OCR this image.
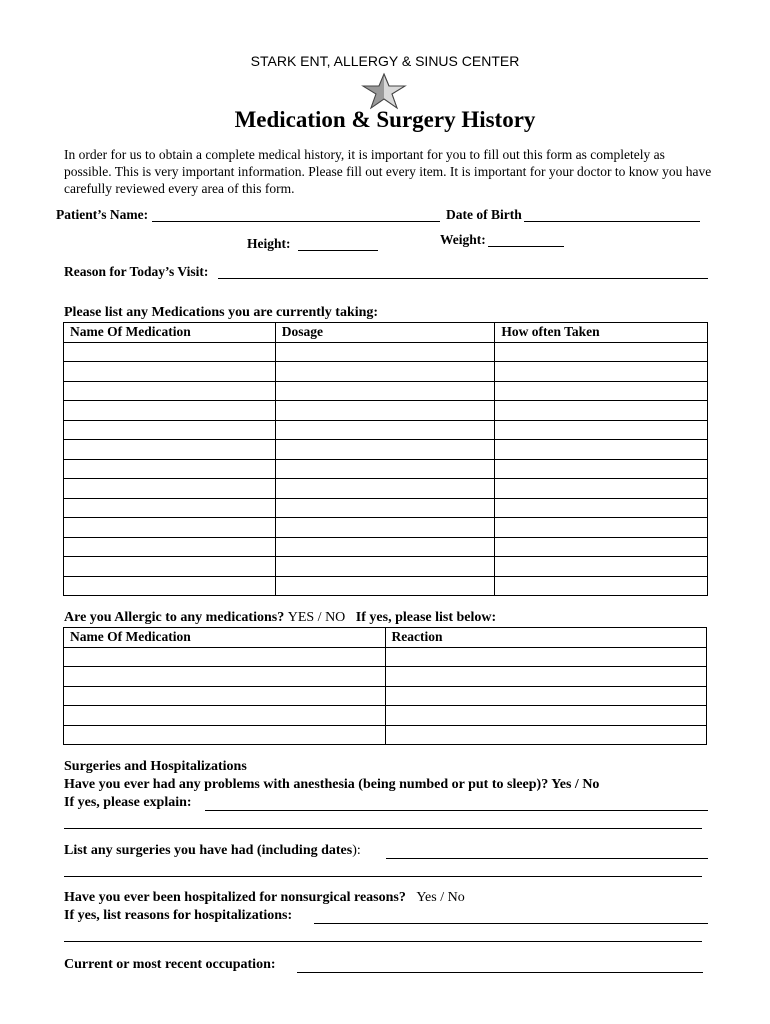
STARK ENT, ALLERGY & SINUS CENTER
Medication & Surgery History
In order for us to obtain a complete medical history, it is important for you to fill out this form as completely as possible. This is very important information. Please fill out every item. It is important for your doctor to know you have carefully reviewed every area of this form.
Patient’s Name:	Date of Birth
Height:	Weight:
Reason for Today’s Visit:
Please list any Medications you are currently taking:
Name Of Medication	Dosage	How often Taken

Are you Allergic to any medications? YES / NO If yes, please list below:
Name Of Medication	Reaction

Surgeries and Hospitalizations
Have you ever had any problems with anesthesia (being numbed or put to sleep)? Yes / No
If yes, please explain:
List any surgeries you have had (including dates):
Have you ever been hospitalized for nonsurgical reasons? Yes / No
If yes, list reasons for hospitalizations:
Current or most recent occupation:
